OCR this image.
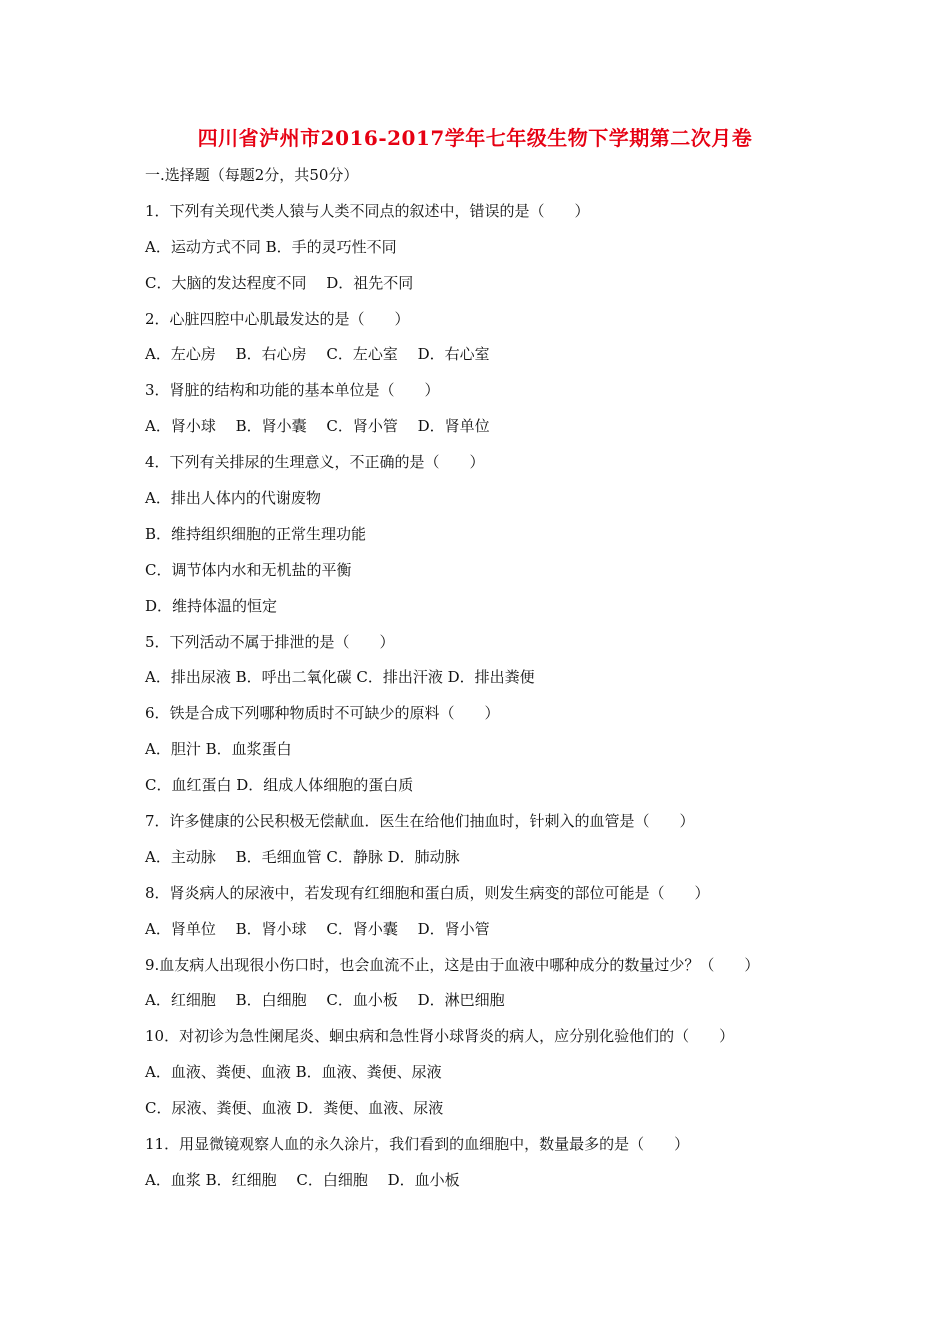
四川省泸州市2016-2017学年七年级生物下学期第二次月卷
一.选择题（每题2分，共50分）
1．下列有关现代类人猿与人类不同点的叙述中，错误的是（　　）
A．运动方式不同 B．手的灵巧性不同
C．大脑的发达程度不同　 D．祖先不同
2．心脏四腔中心肌最发达的是（　　）
A．左心房　 B．右心房　 C．左心室　 D．右心室
3．肾脏的结构和功能的基本单位是（　　）
A．肾小球　 B．肾小囊　 C．肾小管　 D．肾单位
4．下列有关排尿的生理意义，不正确的是（　　）
A．排出人体内的代谢废物
B．维持组织细胞的正常生理功能
C．调节体内水和无机盐的平衡
D．维持体温的恒定
5．下列活动不属于排泄的是（　　）
A．排出尿液 B．呼出二氧化碳 C．排出汗液 D．排出粪便
6．铁是合成下列哪种物质时不可缺少的原料（　　）
A．胆汁 B．血浆蛋白
C．血红蛋白 D．组成人体细胞的蛋白质
7．许多健康的公民积极无偿献血．医生在给他们抽血时，针刺入的血管是（　　）
A．主动脉　 B．毛细血管 C．静脉 D．肺动脉
8．肾炎病人的尿液中，若发现有红细胞和蛋白质，则发生病变的部位可能是（　　）
A．肾单位　 B．肾小球　 C．肾小囊　 D．肾小管
9.血友病人出现很小伤口时，也会血流不止，这是由于血液中哪种成分的数量过少？（　　）
A．红细胞　 B．白细胞　 C．血小板　 D．淋巴细胞
10．对初诊为急性阑尾炎、蛔虫病和急性肾小球肾炎的病人，应分别化验他们的（　　）
A．血液、粪便、血液 B．血液、粪便、尿液
C．尿液、粪便、血液 D．粪便、血液、尿液
11．用显微镜观察人血的永久涂片，我们看到的血细胞中，数量最多的是（　　）
A．血浆 B．红细胞　 C．白细胞　 D．血小板
